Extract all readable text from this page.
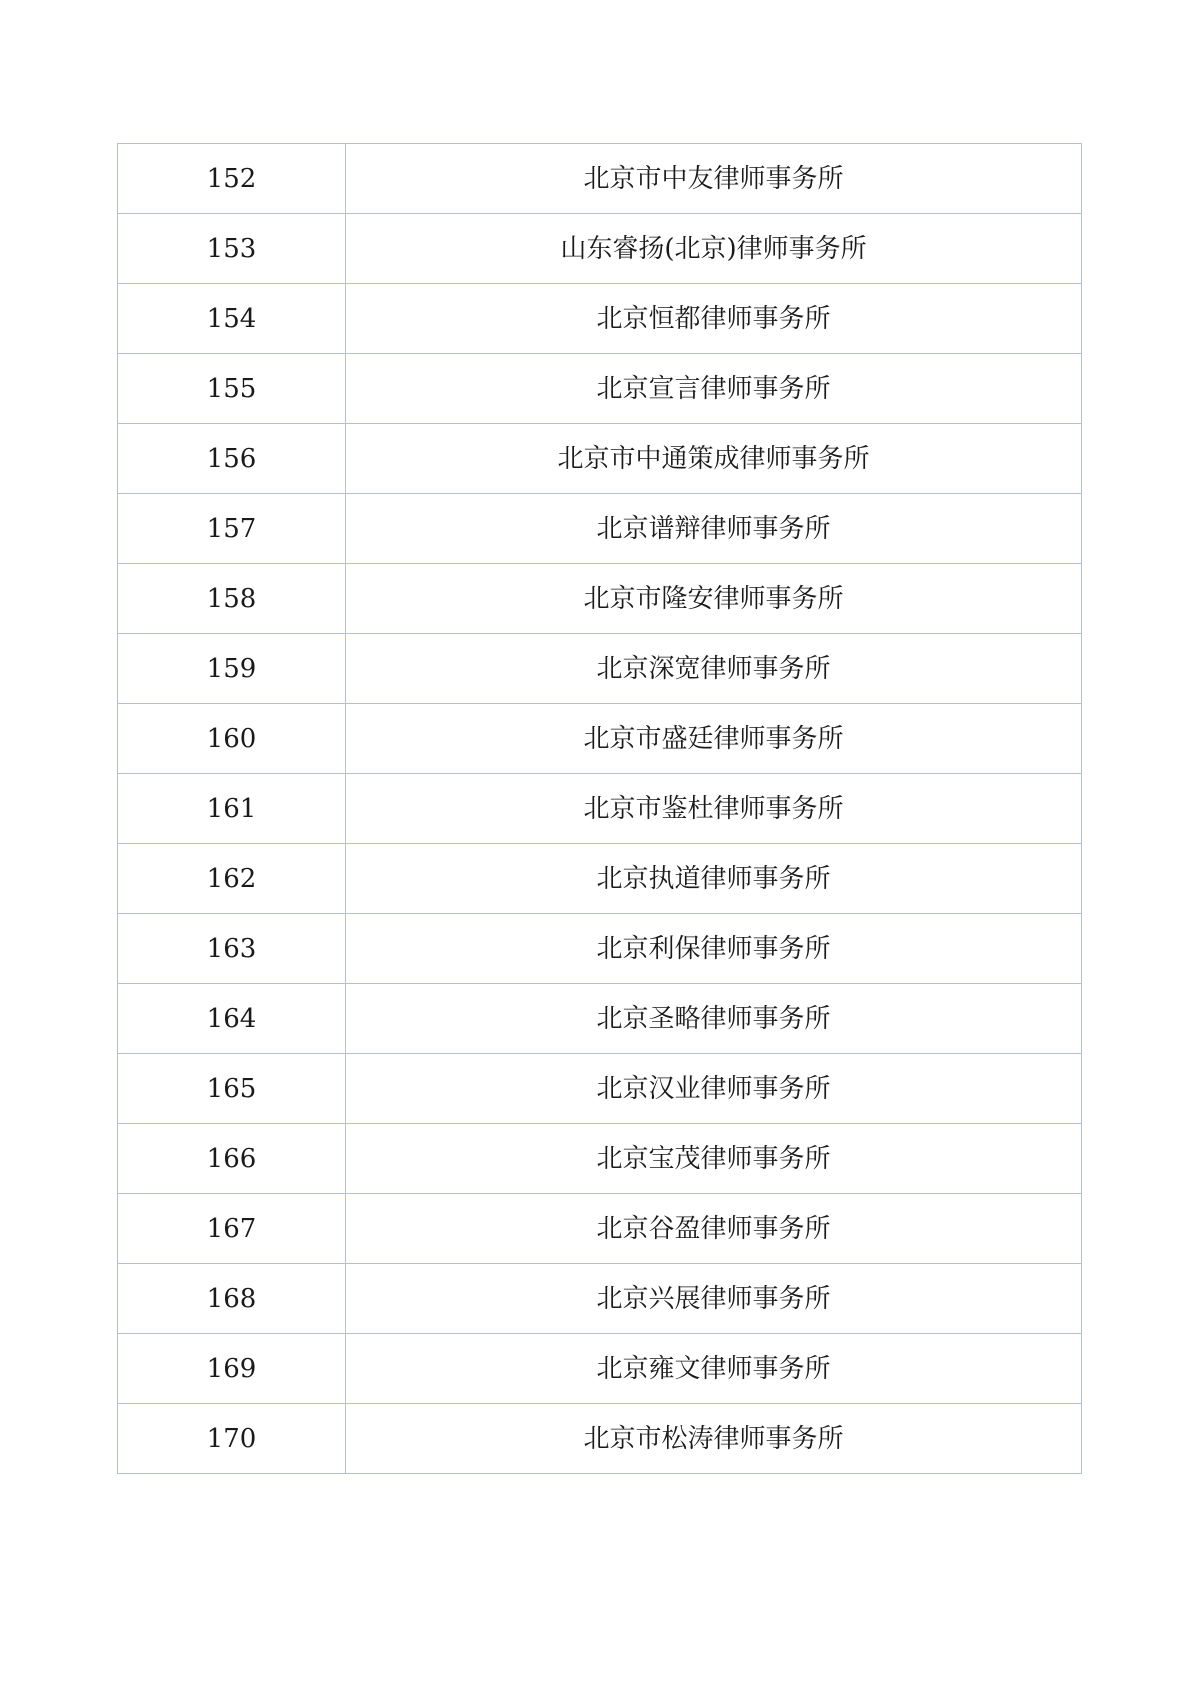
152	北京市中友律师事务所
153	山东睿扬(北京)律师事务所
154	北京恒都律师事务所
155	北京宣言律师事务所
156	北京市中通策成律师事务所
157	北京谱辩律师事务所
158	北京市隆安律师事务所
159	北京深宽律师事务所
160	北京市盛廷律师事务所
161	北京市鉴杜律师事务所
162	北京执道律师事务所
163	北京利保律师事务所
164	北京圣略律师事务所
165	北京汉业律师事务所
166	北京宝茂律师事务所
167	北京谷盈律师事务所
168	北京兴展律师事务所
169	北京雍文律师事务所
170	北京市松涛律师事务所
